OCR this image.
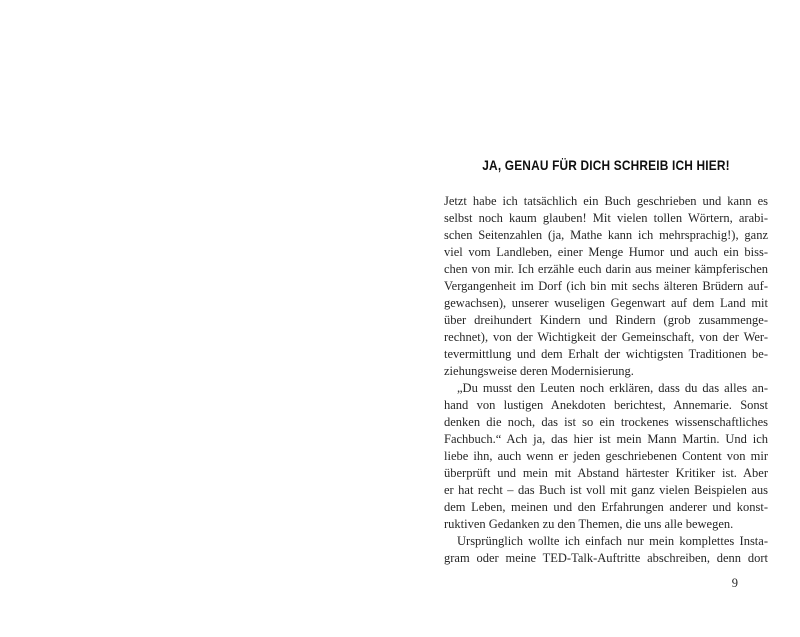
JA, GENAU FÜR DICH SCHREIB ICH HIER!
Jetzt habe ich tatsächlich ein Buch geschrieben und kann es
selbst noch kaum glauben! Mit vielen tollen Wörtern, arabi-
schen Seitenzahlen (ja, Mathe kann ich mehrsprachig!), ganz
viel vom Landleben, einer Menge Humor und auch ein biss-
chen von mir. Ich erzähle euch darin aus meiner kämpferischen
Vergangenheit im Dorf (ich bin mit sechs älteren Brüdern auf-
gewachsen), unserer wuseligen Gegenwart auf dem Land mit
über dreihundert Kindern und Rindern (grob zusammenge-
rechnet), von der Wichtigkeit der Gemeinschaft, von der Wer-
tevermittlung und dem Erhalt der wichtigsten Traditionen be-
ziehungsweise deren Modernisierung.
„Du musst den Leuten noch erklären, dass du das alles an-
hand von lustigen Anekdoten berichtest, Annemarie. Sonst
denken die noch, das ist so ein trockenes wissenschaftliches
Fachbuch.“ Ach ja, das hier ist mein Mann Martin. Und ich
liebe ihn, auch wenn er jeden geschriebenen Content von mir
überprüft und mein mit Abstand härtester Kritiker ist. Aber
er hat recht – das Buch ist voll mit ganz vielen Beispielen aus
dem Leben, meinen und den Erfahrungen anderer und konst-
ruktiven Gedanken zu den Themen, die uns alle bewegen.
Ursprünglich wollte ich einfach nur mein komplettes Insta-
gram oder meine TED-Talk-Auftritte abschreiben, denn dort
9
